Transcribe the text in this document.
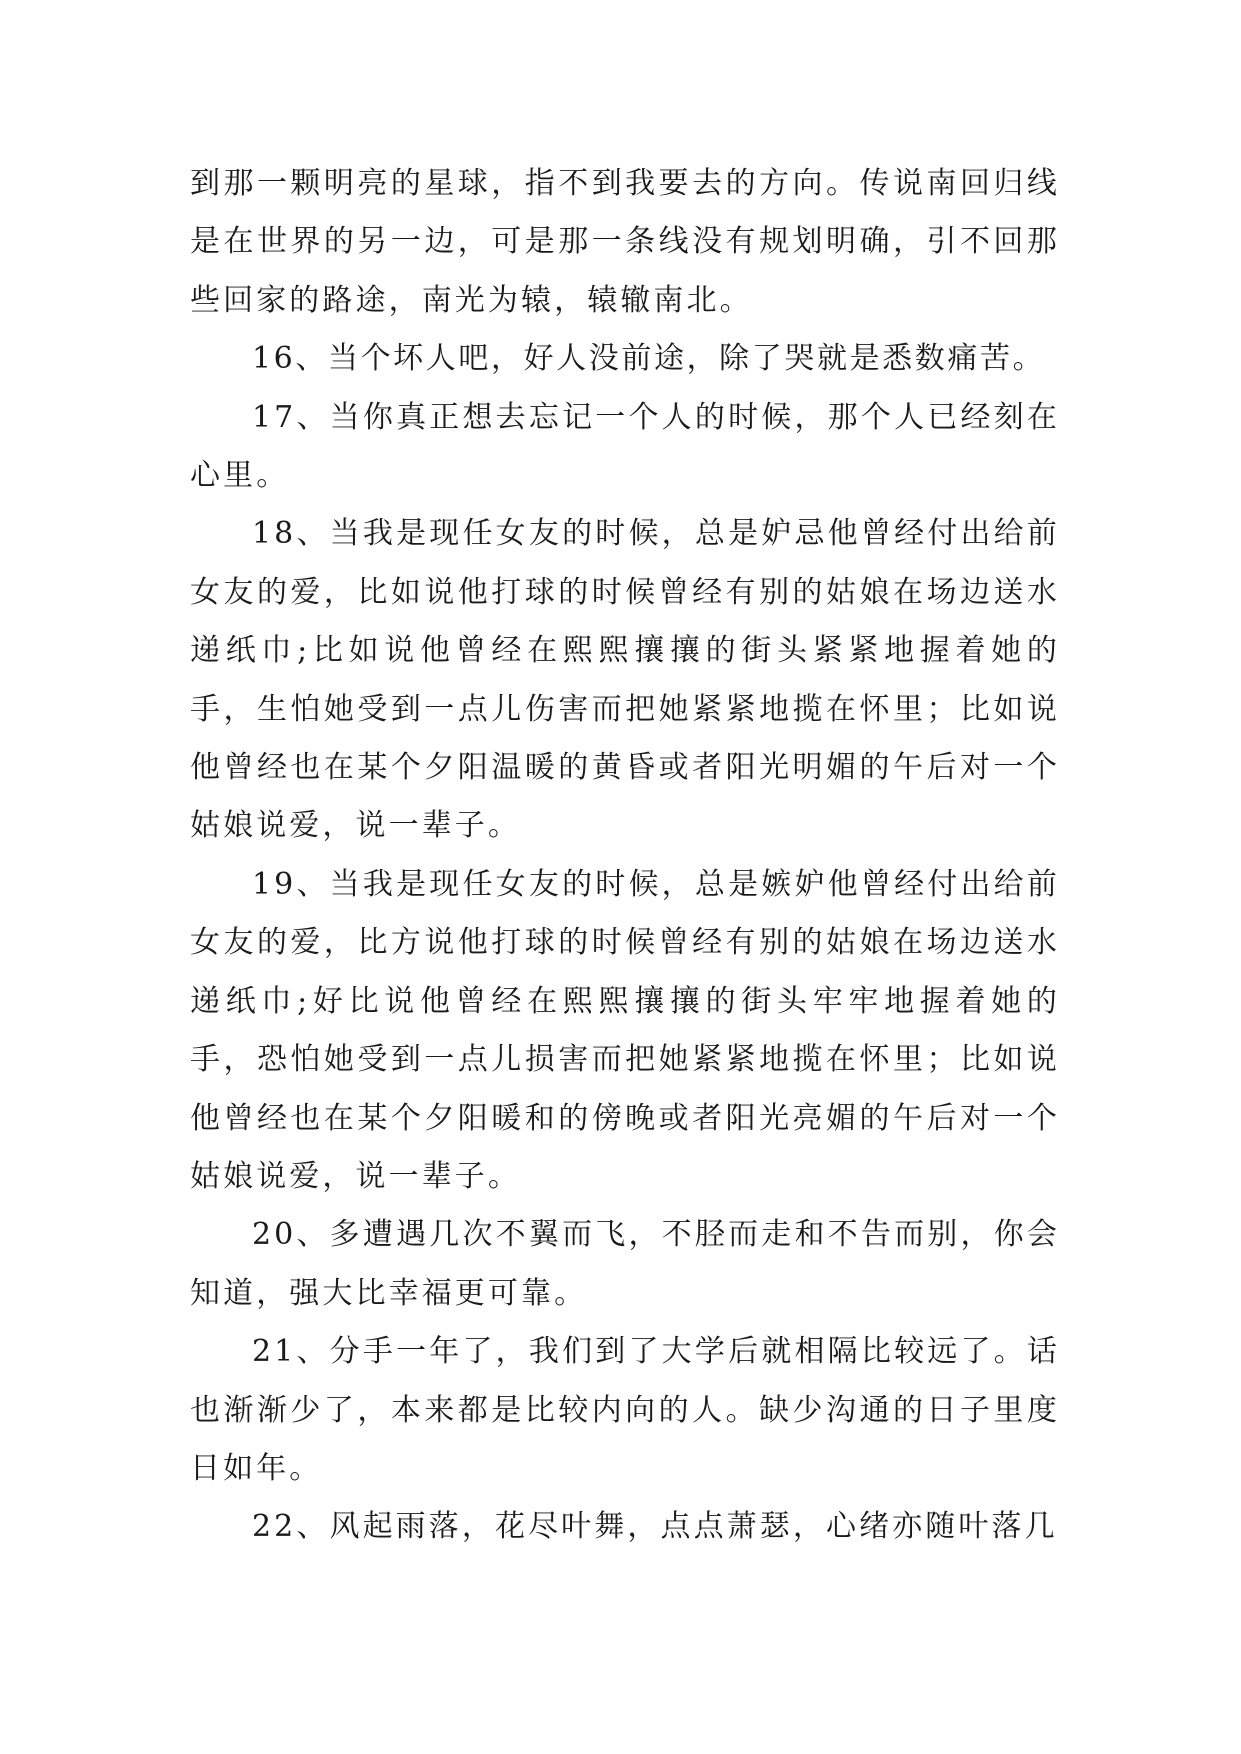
到那一颗明亮的星球，指不到我要去的方向。传说南回归线是在世界的另一边，可是那一条线没有规划明确，引不回那些回家的路途，南光为辕，辕辙南北。

16、当个坏人吧，好人没前途，除了哭就是悉数痛苦。

17、当你真正想去忘记一个人的时候，那个人已经刻在心里。

18、当我是现任女友的时候，总是妒忌他曾经付出给前女友的爱，比如说他打球的时候曾经有别的姑娘在场边送水递纸巾;比如说他曾经在熙熙攘攘的街头紧紧地握着她的手，生怕她受到一点儿伤害而把她紧紧地揽在怀里；比如说他曾经也在某个夕阳温暖的黄昏或者阳光明媚的午后对一个姑娘说爱，说一辈子。

19、当我是现任女友的时候，总是嫉妒他曾经付出给前女友的爱，比方说他打球的时候曾经有别的姑娘在场边送水递纸巾;好比说他曾经在熙熙攘攘的街头牢牢地握着她的手，恐怕她受到一点儿损害而把她紧紧地揽在怀里；比如说他曾经也在某个夕阳暖和的傍晚或者阳光亮媚的午后对一个姑娘说爱，说一辈子。

20、多遭遇几次不翼而飞，不胫而走和不告而别，你会知道，强大比幸福更可靠。

21、分手一年了，我们到了大学后就相隔比较远了。话也渐渐少了，本来都是比较内向的人。缺少沟通的日子里度日如年。

22、风起雨落，花尽叶舞，点点萧瑟，心绪亦随叶落几
